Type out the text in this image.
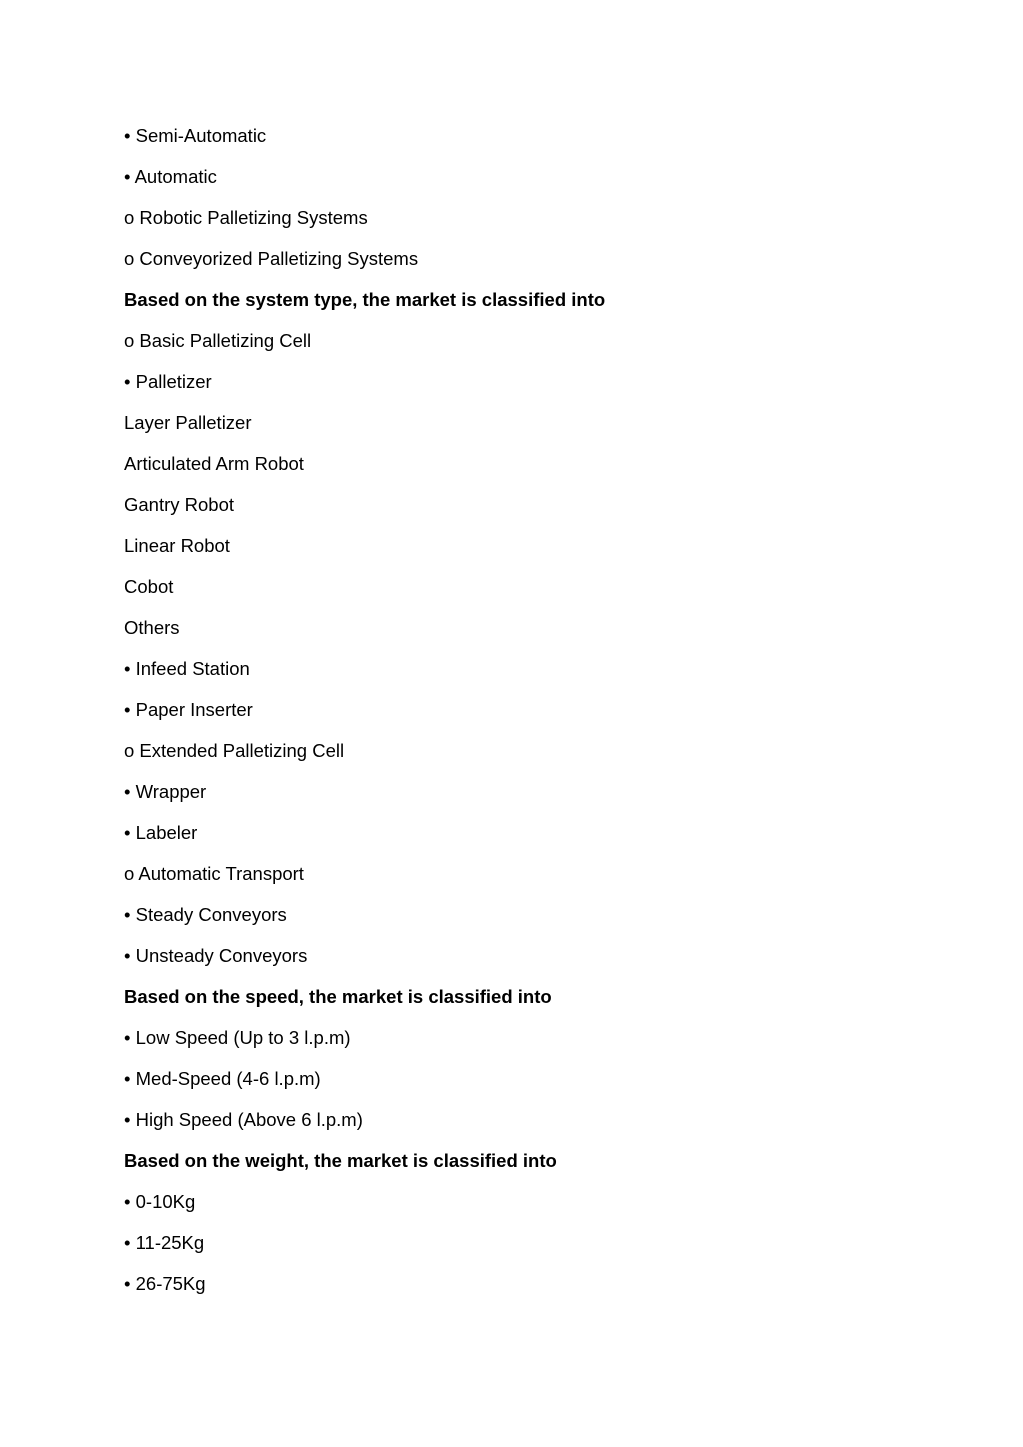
• Semi-Automatic
• Automatic
o Robotic Palletizing Systems
o Conveyorized Palletizing Systems
Based on the system type, the market is classified into
o Basic Palletizing Cell
• Palletizer
Layer Palletizer
Articulated Arm Robot
Gantry Robot
Linear Robot
Cobot
Others
• Infeed Station
• Paper Inserter
o Extended Palletizing Cell
• Wrapper
• Labeler
o Automatic Transport
• Steady Conveyors
• Unsteady Conveyors
Based on the speed, the market is classified into
• Low Speed (Up to 3 l.p.m)
• Med-Speed (4-6 l.p.m)
• High Speed (Above 6 l.p.m)
Based on the weight, the market is classified into
• 0-10Kg
• 11-25Kg
• 26-75Kg
